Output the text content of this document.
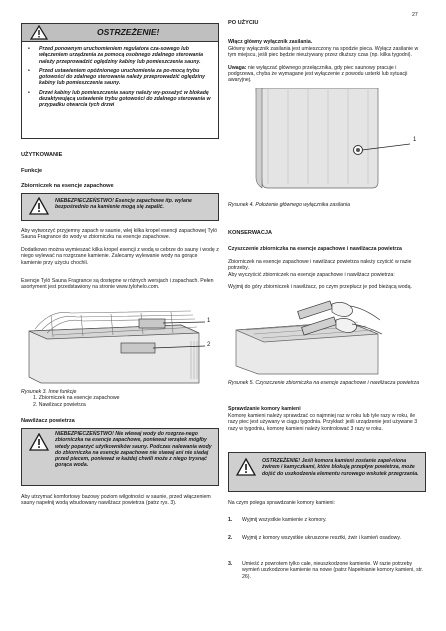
27
OSTRZEŻENIE!
• Przed ponownym uruchomieniem regulatora cza-sowego lub włączeniem urządzenia za pomocą osobnego zdalnego sterowania należy przeprowadzić oględziny kabiny lub pomieszczenia sauny.
• Przed ustawieniem opóźnionego uruchomienia za po-mocą trybu gotowości do zdalnego sterowania należy przeprowadzić oględziny kabiny lub pomieszczenia sauny.
• Drzwi kabiny lub pomieszczenia sauny należy wy-posażyć w blokadę dezaktywującą ustawienie trybu gotowości do zdalnego sterowania w przypadku otwarcia tych drzwi
UŻYTKOWANIE
Funkcje
Zbiorniczek na esencje zapachowe
NIEBEZPIECZEŃSTWO! Esencje zapachowe itp. wylane bezpośrednio na kamienie mogą się zapalić.
Aby wytworzyć przyjemny zapach w saunie, wlej kilka kropel esencji zapachowej Tylö Sauna Fragrance do wody w zbiorniczku na esencje zapachowe.
Dodatkowo można wymieszać kilka kropel esencji z wodą w cebrze do sauny i wodę z niego wylewać na rozgrzane kamienie. Zalecamy wylewanie wody na gorące kamienie przy użyciu chochli.
Esencje Tylö Sauna Fragrance są dostępne w różnych wersjach i zapachach. Pełen asortyment jest przedstawiony na stronie www.tylohelo.com.
1
2
Rysunek 3. Inne funkcje
1. Zbiorniczek na esencje zapachowe
2. Nawilżacz powietrza
Nawilżacz powietrza
NIEBEZPIECZEŃSTWO! Nie wlewaj wody do rozgrza-nego zbiorniczka na esencje zapachowe, ponieważ wrzątek mógłby wtedy poparzyć użytkowników sauny. Podczas nalewania wody do zbiorniczka na esencje zapachowe nie stawaj ani nie siadaj przed piecem, ponieważ w każdej chwili może z niego trysnąć gorąca woda.
Aby utrzymać komfortowy bazowy poziom wilgotności w saunie, przed włączeniem sauny napełnij wodą wbudowany nawilżacz powietrza (patrz rys. 3).
PO UŻYCIU
Włącz główny wyłącznik zasilania.
Główny wyłącznik zasilania jest umieszczony na spodzie pieca. Wyłącz zasilanie w tym miejscu, jeśli piec będzie nieużywany przez dłuższy czas (np. kilka tygodni).
Uwaga: nie wyłączać głównego przełącznika, gdy piec saunowy pracuje i podgrzewa, chyba że wymagane jest wyłączenie z powodu usterki lub sytuacji awaryjnej.
1
Rysunek 4. Położenie głównego wyłącznika zasilania
KONSERWACJA
Czyszczenie zbiorniczka na esencje zapachowe i nawilżacza powietrza
Zbiorniczek na esencje zapachowe i nawilżacz powietrza należy czyścić w razie potrzeby.
Aby wyczyścić zbiorniczek na esencje zapachowe i nawilżacz powietrza:
Wyjmij do góry zbiorniczek i nawilżacz, po czym przepłucz je pod bieżącą wodą.
Rysunek 5. Czyszczenie zbiorniczka na esencje zapachowe i nawilżacza powietrza
Sprawdzanie komory kamieni
Komorę kamieni należy sprawdzać co najmniej raz w roku lub tyle razy w roku, ile razy piec jest używany w ciągu tygodnia. Przykład: jeśli urządzenie jest używane 3 razy w tygodniu, komorę kamieni należy kontrolować 3 razy w roku.
OSTRZEŻENIE! Jeśli komora kamieni zostanie zapeł-niona żwirem i kamyczkami, które blokują przepływ powietrza, może dojść do uszkodzenia elementu rurowego wskutek przegrzania.
Na czym polega sprawdzanie komory kamieni:
1. Wyjmij wszystkie kamienie z komory.
2. Wyjmij z komory wszystkie ukruszone resztki, żwir i kamień osadowy.
3. Umieść z powrotem tylko całe, nieuszkodzone kamienie. W razie potrzeby wymień uszkodzone kamienie na nowe (patrz Napełnianie komory kamieni, str. 26).
